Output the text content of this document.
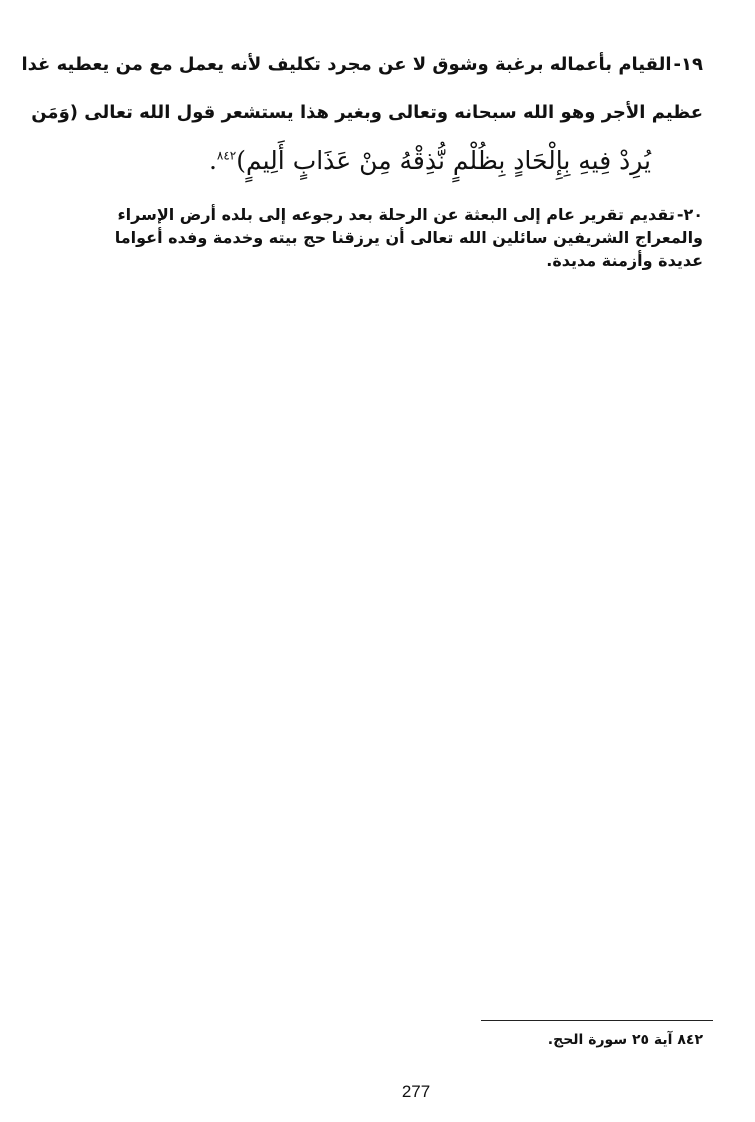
١٩-القيام بأعماله برغبة وشوق لا عن مجرد تكليف لأنه يعمل مع من يعطيه غدا
عظيم الأجر وهو الله سبحانه وتعالى وبغير هذا يستشعر قول الله تعالى (وَمَن
يُرِدْ فِيهِ بِإِلْحَادٍ بِظُلْمٍ نُّذِقْهُ مِنْ عَذَابٍ أَلِيمٍ)$^{٨٤٢}$.
٢٠-تقديم تقرير عام إلى البعثة عن الرحلة بعد رجوعه إلى بلده أرض الإسراء
والمعراج الشريفين سائلين الله تعالى أن يرزقنا حج بيته وخدمة وفده أعواما
عديدة وأزمنة مديدة.
٨٤٢ آية ٢٥ سورة الحج.
277
